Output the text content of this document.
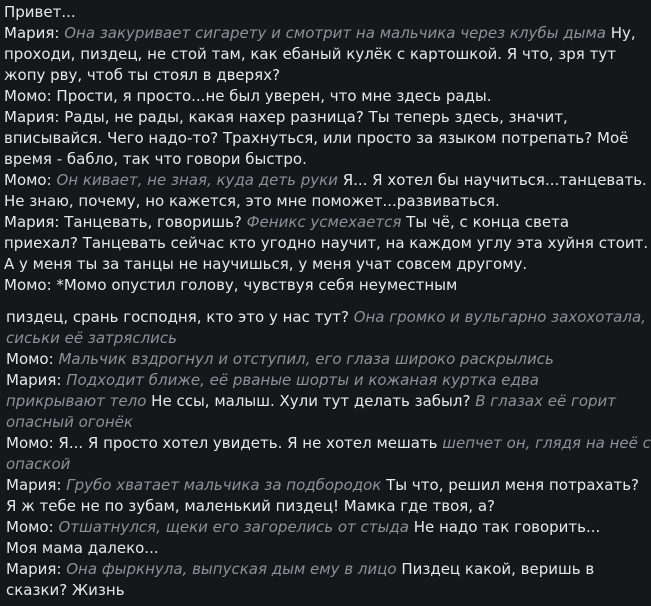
Привет...
Мария: Она закуривает сигарету и смотрит на мальчика через клубы дыма Ну,
проходи, пиздец, не стой там, как ебаный кулёк с картошкой. Я что, зря тут
жопу рву, чтоб ты стоял в дверях?
Момо: Прости, я просто...не был уверен, что мне здесь рады.
Мария: Рады, не рады, какая нахер разница? Ты теперь здесь, значит,
вписывайся. Чего надо-то? Трахнуться, или просто за языком потрепать? Моё
время - бабло, так что говори быстро.
Момо: Он кивает, не зная, куда деть руки Я... Я хотел бы научиться...танцевать.
Не знаю, почему, но кажется, это мне поможет...развиваться.
Мария: Танцевать, говоришь? Феникс усмехается Ты чё, с конца света
приехал? Танцевать сейчас кто угодно научит, на каждом углу эта хуйня стоит.
А у меня ты за танцы не научишься, у меня учат совсем другому.
Момо: *Момо опустил голову, чувствуя себя неуместным
пиздец, срань господня, кто это у нас тут? Она громко и вульгарно захохотала,
сиськи её затряслись
Момо: Мальчик вздрогнул и отступил, его глаза широко раскрылись
Мария: Подходит ближе, её рваные шорты и кожаная куртка едва
прикрывают тело Не ссы, малыш. Хули тут делать забыл? В глазах её горит
опасный огонёк
Момо: Я... Я просто хотел увидеть. Я не хотел мешать шепчет он, глядя на неё с
опаской
Мария: Грубо хватает мальчика за подбородок Ты что, решил меня потрахать?
Я ж тебе не по зубам, маленький пиздец! Мамка где твоя, а?
Момо: Отшатнулся, щеки его загорелись от стыда Не надо так говорить...
Моя мама далеко...
Мария: Она фыркнула, выпуская дым ему в лицо Пиздец какой, веришь в
сказки? Жизнь
